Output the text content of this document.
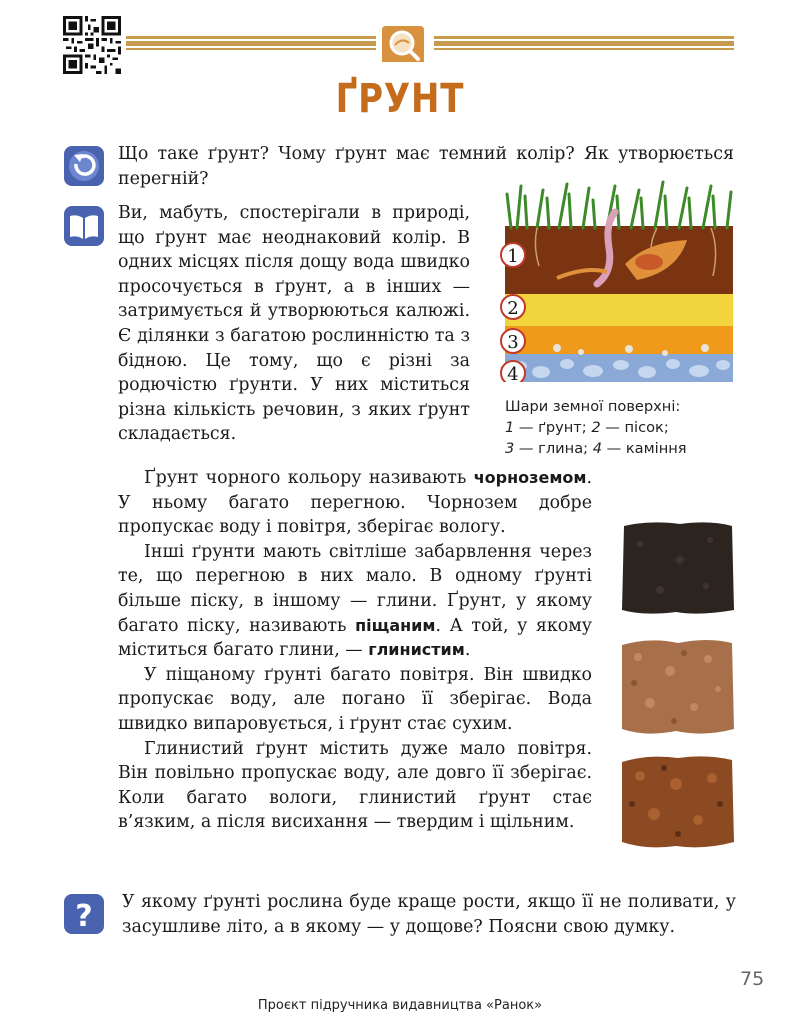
ҐРУНТ

Що таке ґрунт? Чому ґрунт має темний колір? Як утворюється перегній?

Ви, мабуть, спостерігали в природі, що ґрунт має неоднаковий колір. В одних місцях після дощу вода швидко просочується в ґрунт, а в інших — затримується й утворюються калюжі. Є ділянки з багатою рослинністю та з бідною. Це тому, що є різні за родючістю ґрунти. У них міститься різна кількість речовин, з яких ґрунт складається.

1
2
3
4
Шари земної поверхні:
1 — ґрунт; 2 — пісок;
3 — глина; 4 — каміння

Ґрунт чорного кольору називають чорноземом. У ньому багато перегною. Чорнозем добре пропускає воду і повітря, зберігає вологу.

Інші ґрунти мають світліше забарвлення через те, що перегною в них мало. В одному ґрунті більше піску, в іншому — глини. Ґрунт, у якому багато піску, називають піщаним. А той, у якому міститься багато глини, — глинистим.

У піщаному ґрунті багато повітря. Він швидко пропускає воду, але погано її зберігає. Вода швидко випаровується, і ґрунт стає сухим.

Глинистий ґрунт містить дуже мало повітря. Він повільно пропускає воду, але довго її зберігає. Коли багато вологи, глинистий ґрунт стає в’язким, а після висихання — твердим і щільним.

? У якому ґрунті рослина буде краще рости, якщо її не поливати, у засушливе літо, а в якому — у дощове? Поясни свою думку.

75
Проєкт підручника видавництва «Ранок»
